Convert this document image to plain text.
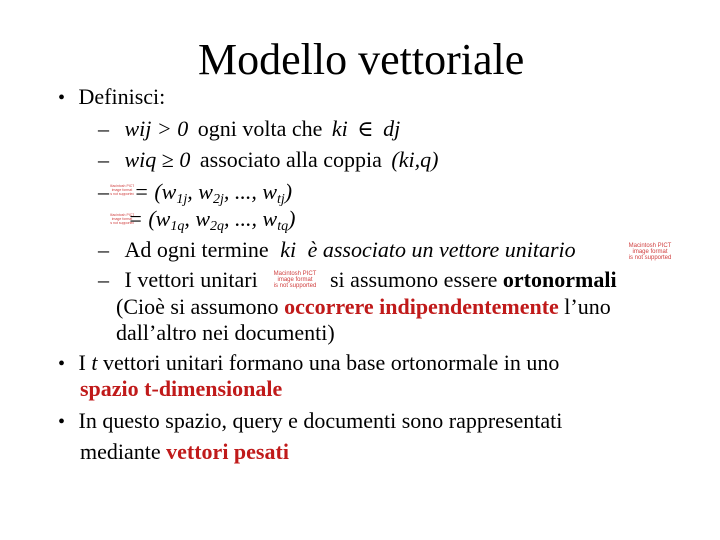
Modello vettoriale
• Definisci:
– wij > 0 ogni volta che ki ∈ dj
– wiq ≥ 0 associato alla coppia (ki,q)
– Macintosh PICT
image format
is not supported = ($w_{1j}$, $w_{2j}$, ..., $w_{tj}$)
Macintosh PICT
image format
is not supported
= ($w_{1q}$, $w_{2q}$, ..., $w_{tq}$)
– Ad ogni termine ki è associato un vettore unitario	Macintosh PICT
image format
is not supported
– I vettori unitari	Macintosh PICT
image format
is not supported si assumono essere ortonormali
(Cioè si assumono occorrere indipendentemente l’uno
dall’altro nei documenti)
• I t vettori unitari formano una base ortonormale in uno
spazio t-dimensionale
• In questo spazio, query e documenti sono rappresentati
mediante vettori pesati
